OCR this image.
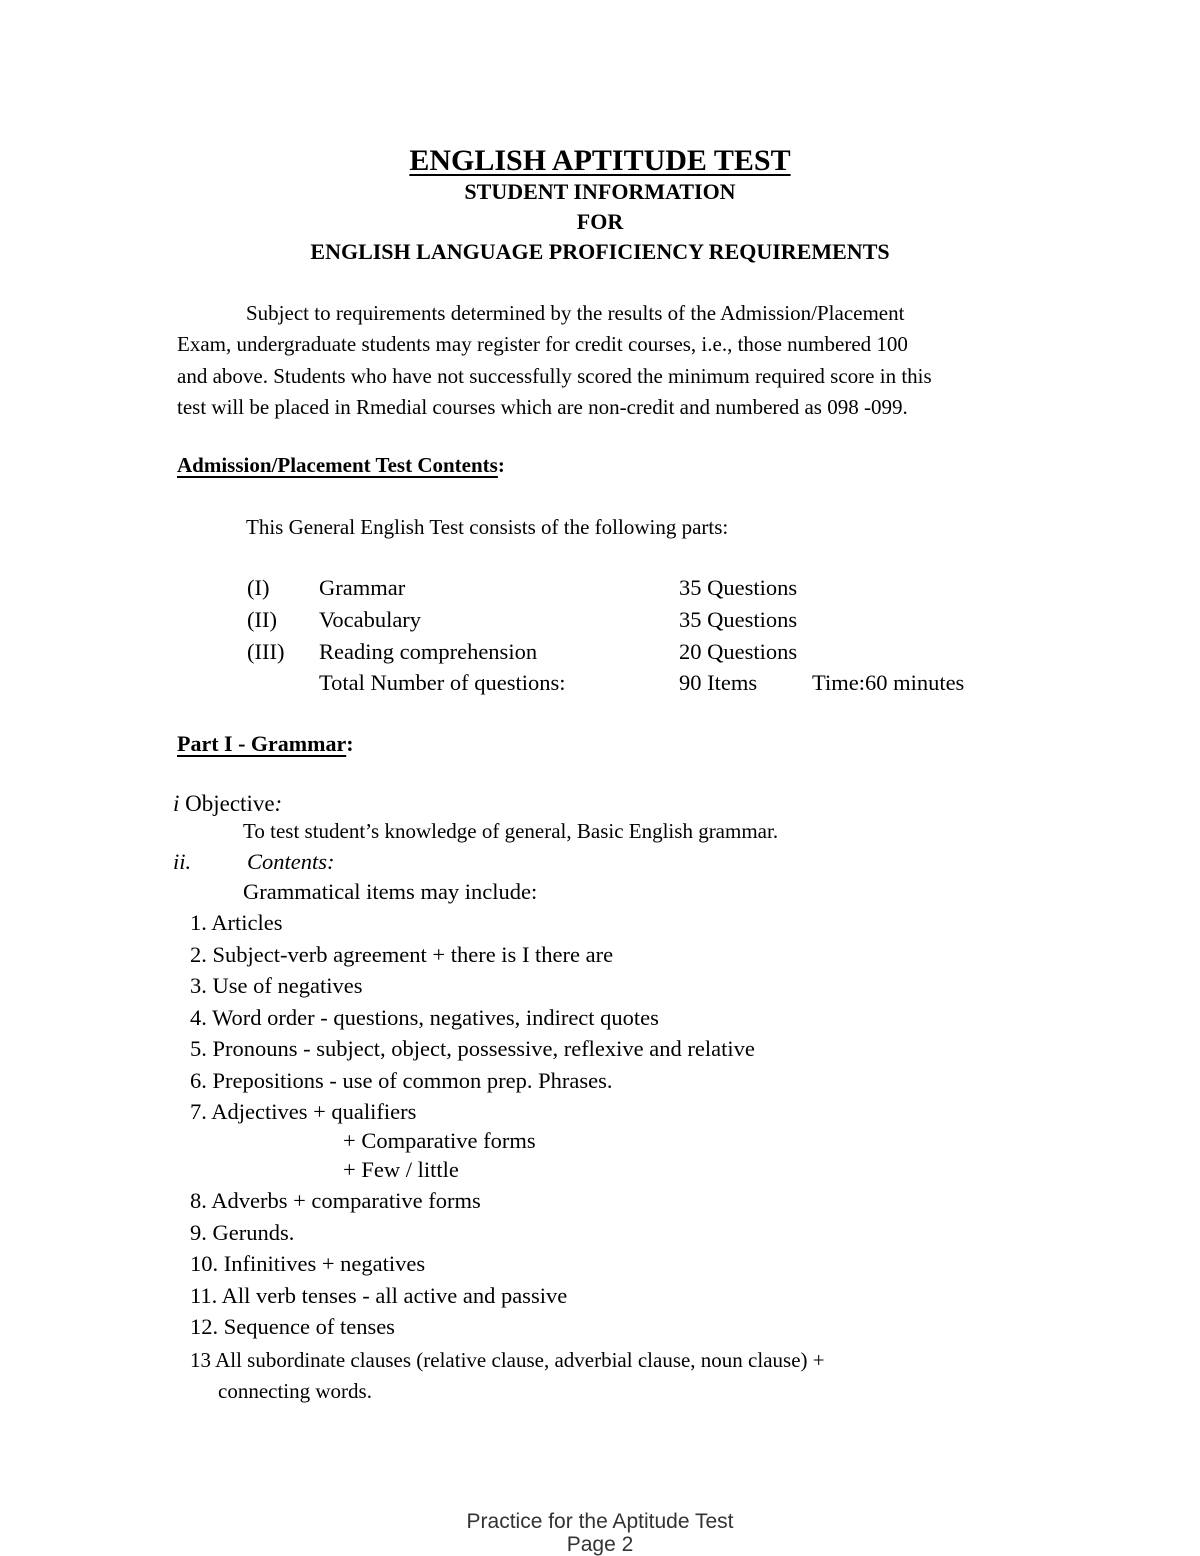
ENGLISH APTITUDE TEST
STUDENT INFORMATION
FOR
ENGLISH LANGUAGE PROFICIENCY REQUIREMENTS
Subject to requirements determined by the results of the Admission/Placement
Exam, undergraduate students may register for credit courses, i.e., those numbered 100
and above. Students who have not successfully scored the minimum required score in this
test will be placed in Rmedial courses which are non-credit and numbered as 098 -099.
Admission/Placement Test Contents:
This General English Test consists of the following parts:
(I) Grammar	35 Questions
(II) Vocabulary	35 Questions
(III) Reading comprehension	20 Questions
Total Number of questions:	90 Items Time:60 minutes
Part I - Grammar:
i Objective:
To test student’s knowledge of general, Basic English grammar.
ii. Contents:
Grammatical items may include:
1. Articles
2. Subject-verb agreement + there is I there are
3. Use of negatives
4. Word order - questions, negatives, indirect quotes
5. Pronouns - subject, object, possessive, reflexive and relative
6. Prepositions - use of common prep. Phrases.
7. Adjectives + qualifiers
+ Comparative forms
+ Few / little
8. Adverbs + comparative forms
9. Gerunds.
10. Infinitives + negatives
11. All verb tenses - all active and passive
12. Sequence of tenses
13 All subordinate clauses (relative clause, adverbial clause, noun clause) +
connecting words.
Practice for the Aptitude Test
Page 2
